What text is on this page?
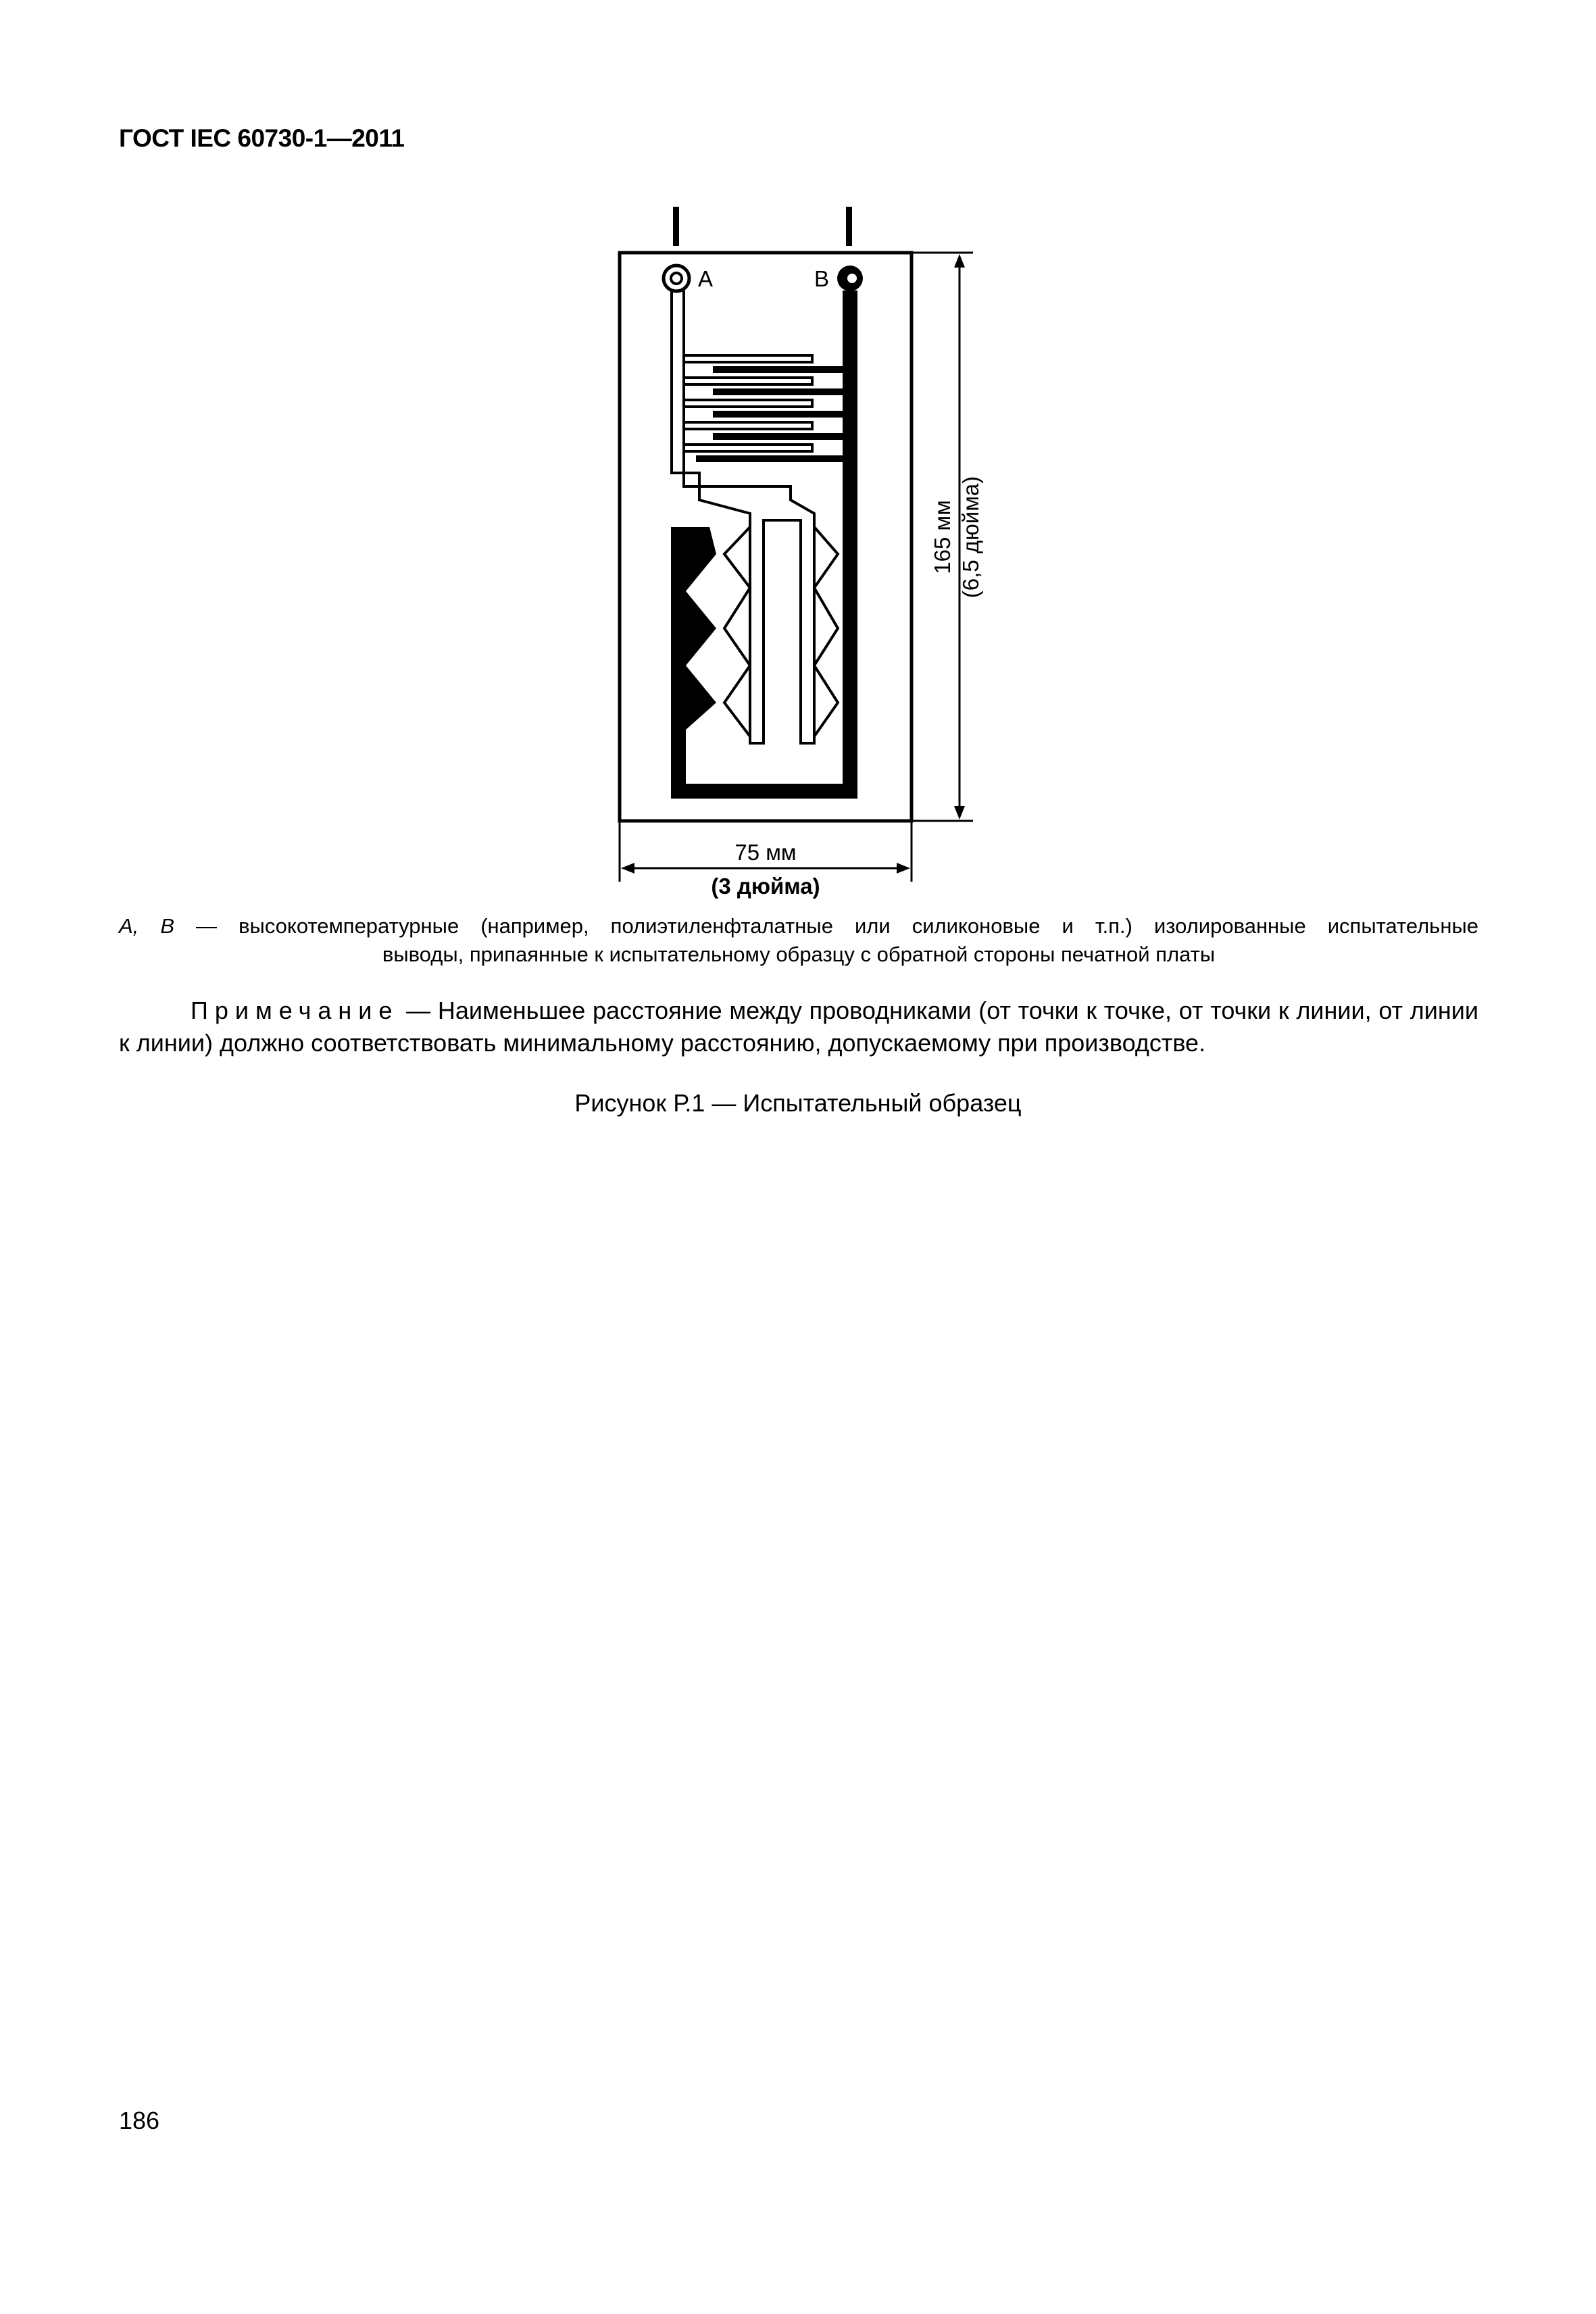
ГОСТ IEC 60730-1—2011
A	B
165 мм (6,5 дюйма)
75 мм
(3 дюйма)
A, B — высокотемпературные (например, полиэтиленфталатные или силиконовые и т.п.) изолированные испытательные
выводы, припаянные к испытательному образцу с обратной стороны печатной платы
Примечание — Наименьшее расстояние между проводниками (от точки к точке, от точки к линии, от линии к линии) должно соответствовать минимальному расстоянию, допускаемому при производстве.
Рисунок Р.1 — Испытательный образец
186
